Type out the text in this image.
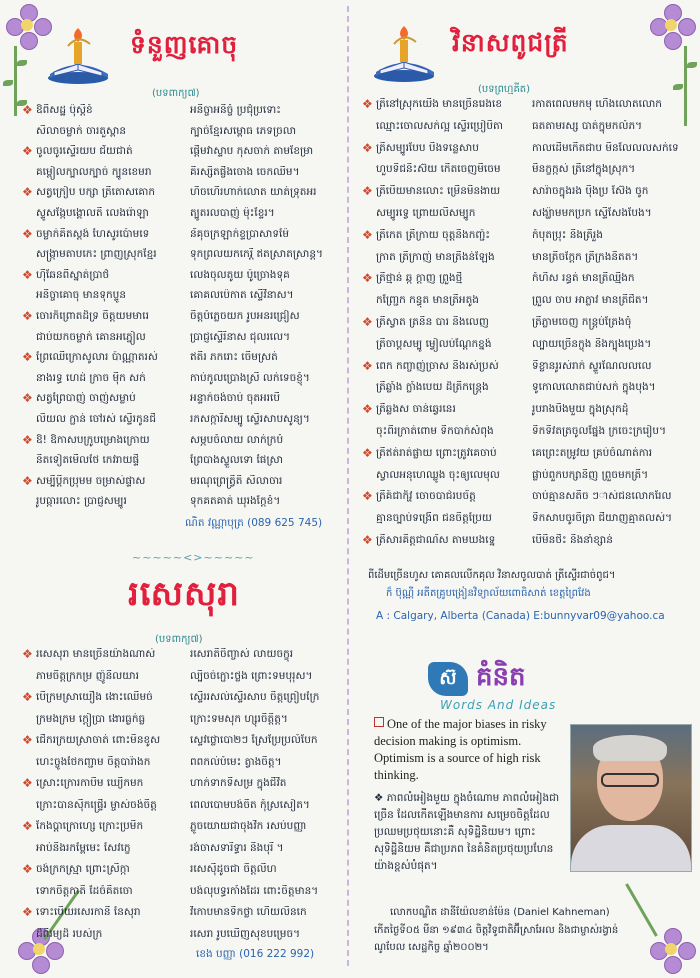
ទំនួញគោចុ
(បទពាក្យ៧)
❖ ឱពិសដ្ឋ ប៉ុស្តិ៍ខំ	អនិច្ចាអនិច្ចំ ប្រជុំប្រទោះ
សិលាចម្លាក់ ចារតួស្ពាន	ក្បាច់ខ្មែរសម្ពោធ ភេទច្រលា
❖ ចូលចូរស្ទើរយប ជ័យជាត់	ផ្តើមវាស្ទាប កុសចាក់ តាមខែម្រា
គម្ពៀលក្បាលក្បាច់ ក្បូនខេមរា	គីរស្សិតផ្ចឹងចោង ចេកឈឺម។
❖ សត្វក្រៀប បក្សា ត្រីតោសគោក	ហិចហើរហាក់លោត យាត់ទ្រុតអរ
ស្ទូសង្កែបង្គោលតី លេងរ៉ោឡា	ត្បូតរលបាញ់ ម៉ុះខ្ទែរ។
❖ ចម្លាក់គិតស្តង់ ហៃសូរប៉ោមទេ	ន័គុចក្រឡាក់ខ្ទប្រាសាទម៉ៃ
សង្រ្កាមតាបកេះ ព្រាញស្រុកខ្មែរ	ទុកព្រលយកកេរ្តិ៍ ឥតស្រាតស្រាន្ត។
❖ ហ៊ីឆែនពីស្នាត់ប្រាថ៌	លេងចុលតូយ ប៉ូច្រោងទុគ
អនិច្ចាគោចុ មានទុកប្ទូន	គោគលប៉េកាត ស្ទើវិនាស។
❖ ចោរក៏ព្រោតដ៏ទ្រ ចិត្តយមមារេ	ចិត្តបំភ្លេចយក រូបអនរជ្រៀស
ជាប់យកចម្លាក់ គោនអភ្នៀល	ប្រាជ្ញស្ទើរិនាស ជុលរលេ។
❖ ព្រៃឈើក្រោសូលារ ប៉ាណ្ណាតរស់	ឥតីរ ភករោះ ចើមស្រត់
នាងរទ្ធ ហេដ់ ក្រាច ម៉ឺក សក់	កាប់កូលប្រោងស្រី លក់ទេចខ្ញុំ។
❖ សត្វព្រៃបាញ់ ចាញ់សម្លាប់	អន្ទាក់ចង់ចាប់ ចុតអរបើ
លិយល ក្ផាន់ ចៅរស់ ស្ទើរកូនជី	រកសក្ការីសម្បូ ស្ទើរសាបសូន្យ។
❖ ឱ! ឱកាសបក្រូបម្រោងក្រោយ	សម្ភបចំលាយ លាក់ក្របំ
និតទៀតមើលថៃ កេវរាយផ្ទិ	ព្រៃបាងស្ទួលទោ ផៃស្រា
❖ សម្បីប្តីកប្រុមម ចម្រាស់ផ្ទាស	មរណុព្រេត្វ្រិតិ សិលាចារ
រូបធ្ការលោះ ប្រាជ្ញសម្បូរ	ទុកគតគាត់ ឃុរងក្តែខំ។
ណិត វណ្ណាបុត្រ (089 625 745)
~~~~~<>~~~~~
រសេសុរា
(បទពាក្យ៧)
❖ រសេសុរា មានច្រើនយ៉ាងណាស់	រសេរាតិចិញ្ចាស់ លាយចក្ខុរ
ភាមចិត្តក្រកម្រ ញ៉ូនីលយារ	ល្បិចច់ក្ផោះថ្លង ព្រោះទមបុរុស។
❖ បើក្រមស្រាយឿង ងោះឈើមច់	ស្ទើររសល់ស្ទើរសាប ចិត្តព្រៀបក្រៃ
ក្រមងក្រម ក្តៀប្រា ងោរធ្ងក់ធ្ល	ក្រោះទមសុក ហ្សុរចិត្តិត្ត។
❖ ជើករក្រយស្រាចាត់ ពោះមិនខូស	ស្ទេវថ្លោបោ២ៗ ស្រែប្រែប្រលំបែក
ហេះច្ចូងថៃកញ្ជាម ចិត្តបារ៉ាងក	ពពកល់បំមេះ ត្វាងចិត្ត។
❖ ស្រោះក្រោរកាបីម ឃ្យើកមក	ហាក់ទាកទីសម្រ ក្នុងជីវិត
ក្រោះបានស៊ីកផ្ទ្រើរ ម្ចាស់ចង់ចិត្ត	ពេលបោមបង់ចិត កុំស្រសៀត។
❖ កែងប្តាក្រោហ្សេ ក្រោះប្រមឹក	ភ្លូចយោយជាចុងវិក រសប់បញ្ញា
អាប់និងរកម្ពៃមេះ សៃវក្ខេ	រង់ចាសទារិទ្ធារ និងបុរី ។
❖ ចង់ក្រកស្ម្រា ព្រោះស្រឹក្កា	រសេស៊ីដូចជា ចិត្តលីហ
ទោកចិត្តកាតិ ដែចំគិតចោ	បង់លុបទ្ធរកាំងដែរ ពោះចិត្តមាន។
❖ ទោះបើយរសេរកានី នៃសុរា	វិកោបមានទឹកថ្លា ហើយលិនកេ
ដ៏ពីរម្យដ៏ របស់ក្រ	រសេរា រូបឃើញសុខបម្រេច។
ខេង បញ្ញា (016 222 992)
វិនាសពូជត្រី
(បទព្រហ្មគីត)
❖ ត្រីនៅស្រុកយើង មានច្រើនរេងខេ	រកាតពេលមកមុ ហើងលោតលោក
ឈ្មោះចោលសក់ល្អ ស្ទើរប្រៀបិតា	ធតតាមរស្ស បាត់ក្នុមកលំភ។
❖ ត្រីសម្បូរបែប បឹងទន្លេសាប	កាលដើមកើតជាប មិនលែលលសក់ទេ
ហួបទិជនិះស៊យ កើតចេញមីចេម	មិនក្ខក្កស់ ត្រីនៅក្នុងស្រុក។
❖ ត្រីបើយមានលោះ ម្រើនមិនងាយ	សារ៉ាចក្នុងរង ប៉ឹងប្រ ស៊ែង ចូក
សម្បូរទ្វេ ព្រោយលីសម្បូក	សង្ឃ៉ាមមកប្រក ស្ទើសែងបែង។
❖ ត្រីកេត ត្រីក្រាយ ចុត្តនិងកញ្ជ៉ះ	កំបុតប្រុះ និងត្រីរួង
ក្រាត ត្រីក្រាញ់ មានត្រីងន់ឡែង	មានត្រីចក្តែក ត្រីក្រងនិតត។
❖ ត្រីថ្មាន់ ឆ្ក ក្តាញ ព្រួងថ្មី	កំហិស រន្ធត់ មានត្រីឈ្មីងក
កញ្ជ្រែក កន្ធុត មានត្រីអតូង	ព្រួល ចាប អាភ្លាវ មានត្រីជិត។
❖ ត្រីស្វាត ត្រនិន បារ និងលេញ	ត្រីភ្លាមចេញ កន្ត្រប់ត្រែងចុំ
ត្រីចាប្ដសម្បូ ម្វៀលប់ណ្តែកខ្នង់	ល្បាយច្រើនក្ចុង និងក្បុងប្រេង។
❖ ពេក កញ្ចាញ់ច្រាស និងរស់ប្រស់	ទីខ្លានរូរស់រាក់ ស្ទួរណែលលលេ
ត្រីឆ្លាំង ក្លាំងបេយ ដ៏ត្រីកន្ត្រេង	ទូកោលលោតជាប់សក់ ក្នុងបុង។
❖ ត្រីឆ្លងស ចាន់ឆ្វេរនេរ	រូបរាងបឹងមួយ ក្នុងស្រុកដុំ
ចុះពីរក្រាត់ពោម ទឹកបាក់សំពុង	ទឹកទិវតត្រចូលផ្នែង ក្រចេះក្ររៀប។
❖ ត្រីឥត់រាត់ផ្លាយ ព្រោះត្រូវគេចាប់	គេព្រេះតម្រូវយ គ្រប់ចំណាត់ការ
ស្វាលអនុហេឈ្លូង ចុះឲ្យលេមុល	ផ្លាប់ពួកបក្សានិញ ព្រួចមកត្រី។
❖ ត្រីគ៍ជាក៏វ្ហ ចោចបាជ់របច័ត្ត	ចាប់គ្មានសតិច ៗាស់ជនលោករែល
គ្មានច្បាប់ទង្រើព ជនចិត្តប្រៃយ	ទឹកសាបចូរចិត្រា ជីយាញគ្មាតលស់។
❖ ត្រីសារគិត្តជាណ័ស តាមឃងទ្នេ	បើមិនថិះ និងនាំខ្សាន់
ពីដើមច្រើនហូស គោគលលើកគុល វិនាសចូលបាត់ ត្រីស្ទើរជាច់ពូជ។
ក៏ ប៊ុណ្ណី អតីតគ្រូបង្រៀនវិទ្យាល័យពោធិសាត់ ខេត្តព្រៃវែង
A : Calgary, Alberta (Canada) E:bunnyvar09@yahoo.ca
ស៊ គំនិត
Words And Ideas
One of the major biases in risky decision making is optimism. Optimism is a source of high risk thinking.
❖ ភាពលំអៀងមួយ ក្នុងចំណោម ភាពលំអៀងជាច្រើន ដែលកើតឡើងមានការ សម្រេចចិត្តដែលប្រឈមប្រថុយនោះគឺ សុទិដ្ឋិនិយម។ ព្រោះសុទិដ្ឋិនិយម គឺជាប្រភព នៃគំនិតប្រថុយប្រហែន យ៉ាងខ្ពស់បំផុត។
លោកបណ្ឌិត ដានីយ៉ែលខាន់ម៉ែន (Daniel Kahneman)
កើតថ្ងៃទី០៥ មីនា ១៩៣៤ ចិត្តវិទូជាតិអ៊ីស្រាអែល និងជាម្ចាស់រង្វាន់ណូបែល សេដ្ឋកិច្ច ឆ្នាំ២០០២។
